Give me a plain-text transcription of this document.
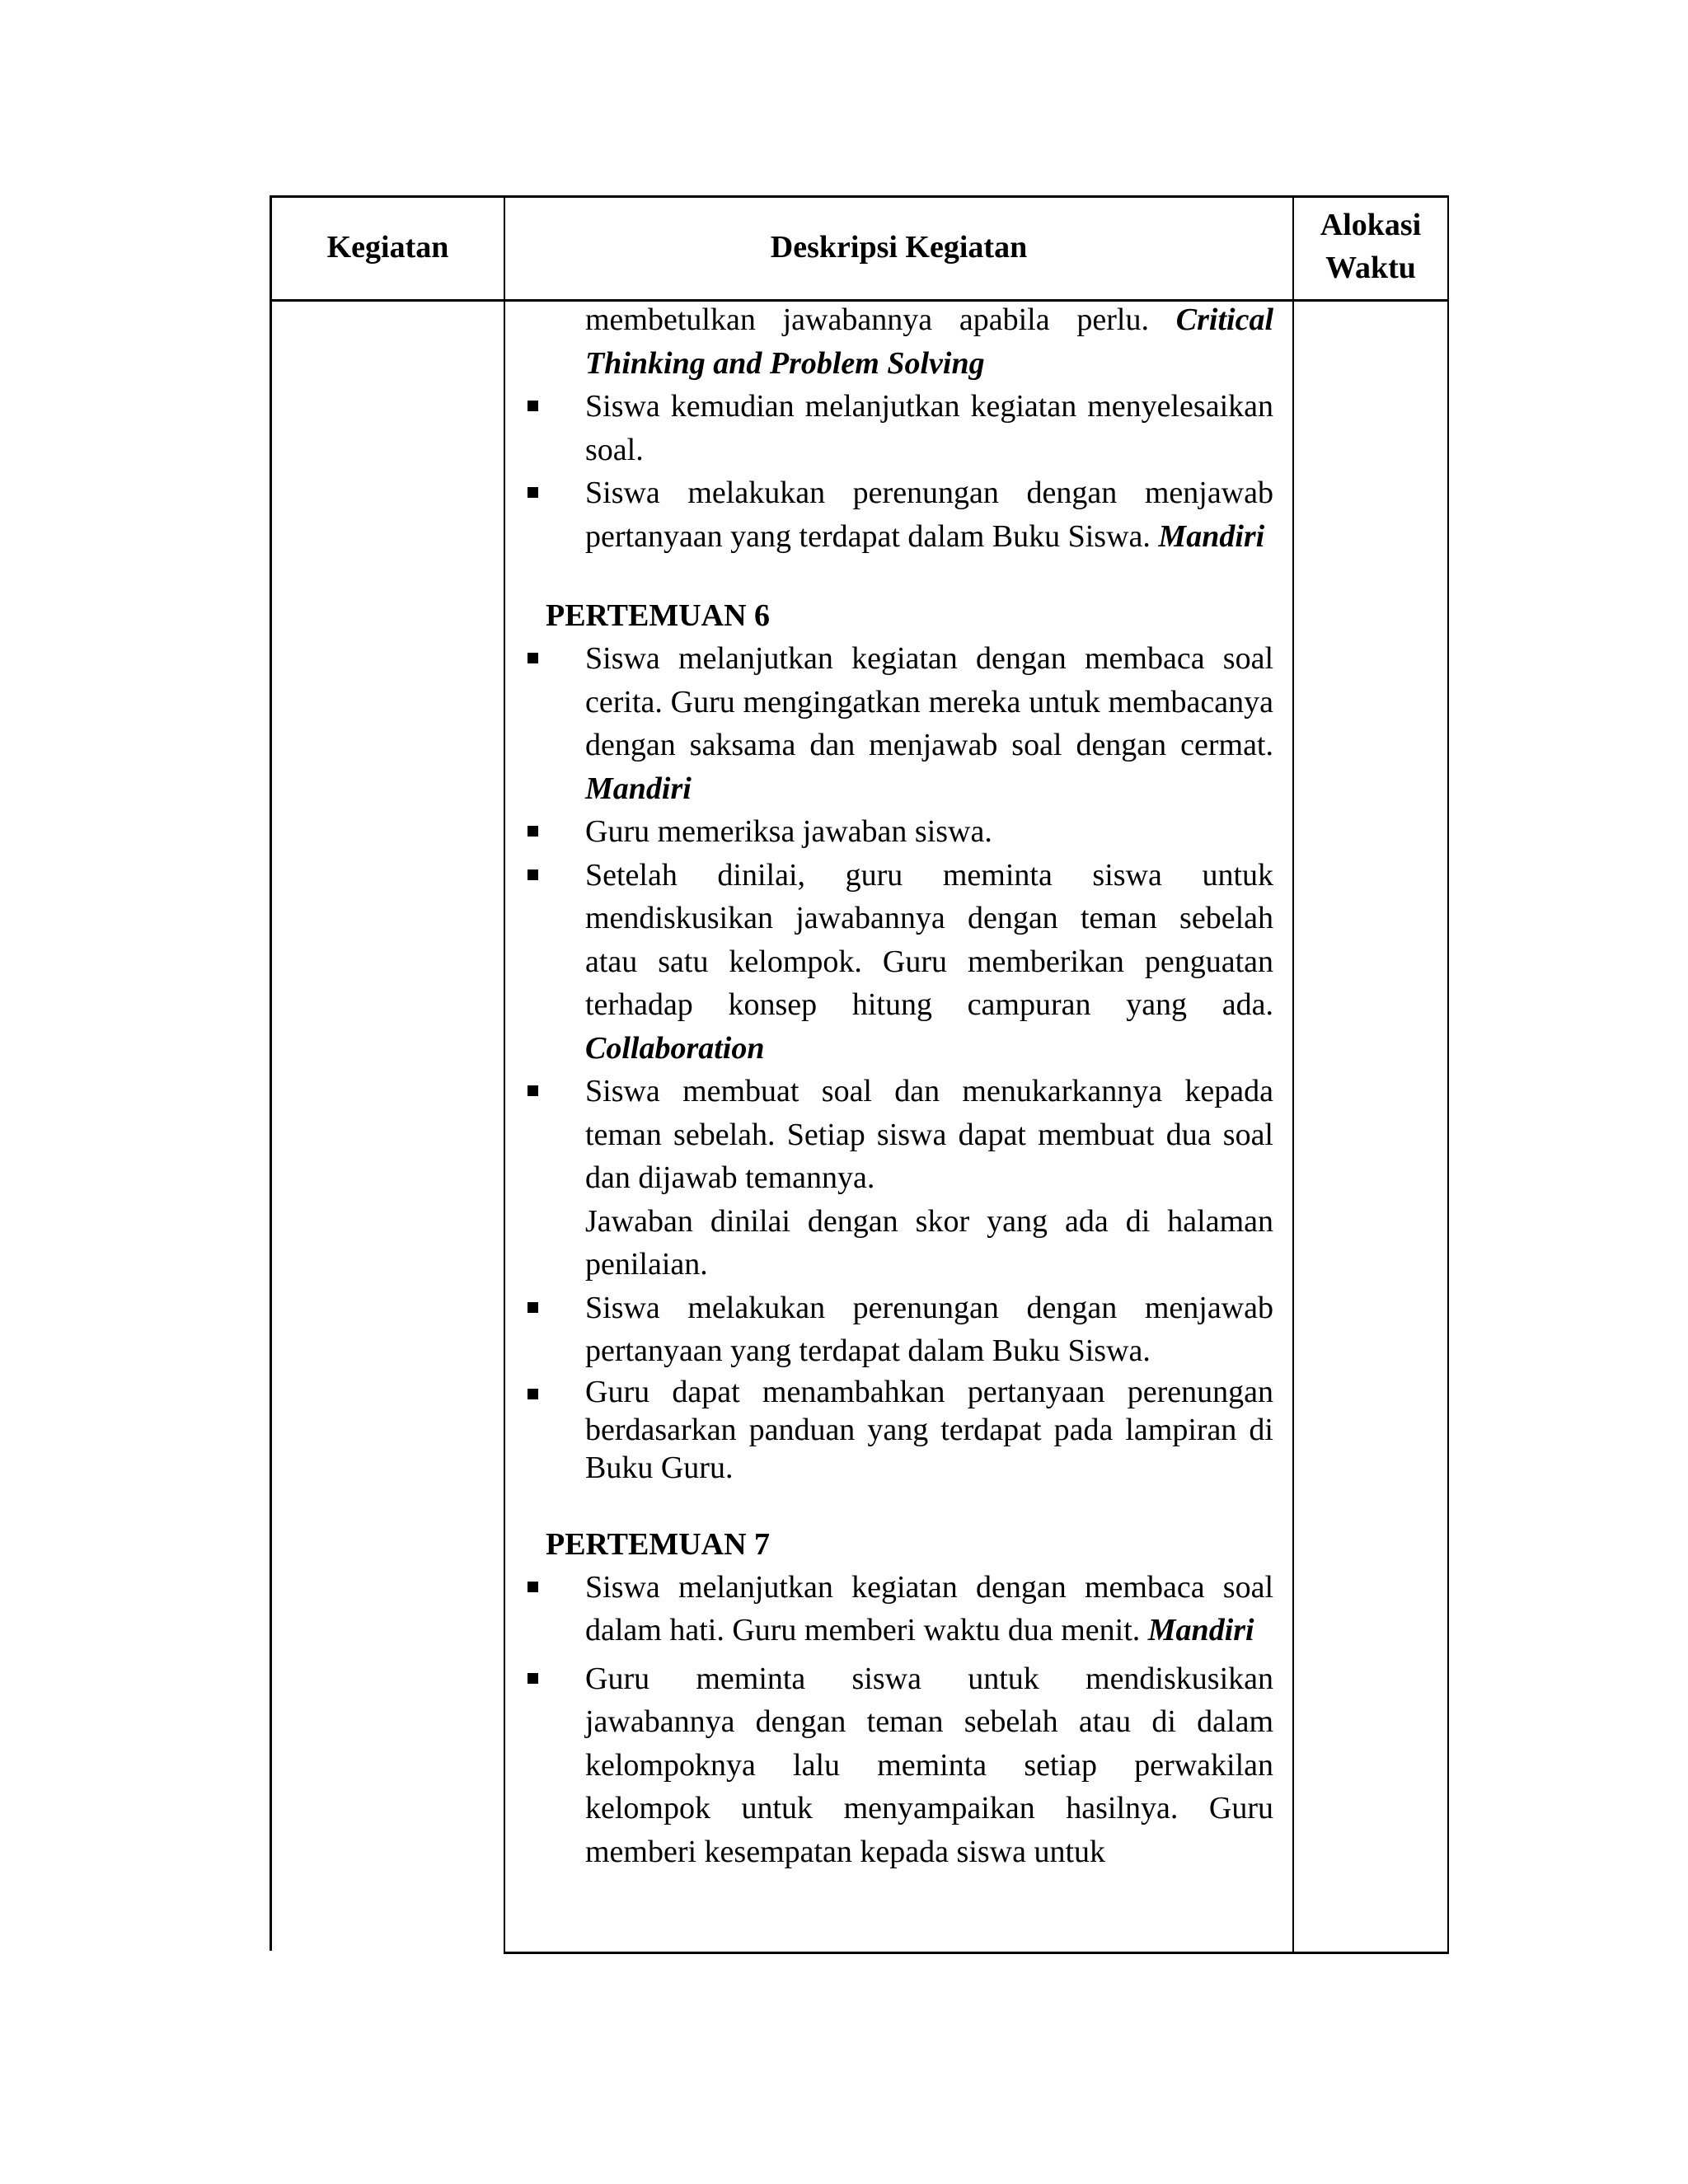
Kegiatan	Deskripsi Kegiatan
Alokasi
Waktu
membetulkan jawabannya apabila perlu. Critical Thinking and Problem Solving
Siswa kemudian melanjutkan kegiatan menyelesaikan soal.
Siswa melakukan perenungan dengan menjawab pertanyaan yang terdapat dalam Buku Siswa. Mandiri
PERTEMUAN 6
Siswa melanjutkan kegiatan dengan membaca soal cerita. Guru mengingatkan mereka untuk membacanya dengan saksama dan menjawab soal dengan cermat. Mandiri
Guru memeriksa jawaban siswa.
Setelah dinilai, guru meminta siswa untuk mendiskusikan jawabannya dengan teman sebelah atau satu kelompok. Guru memberikan penguatan terhadap konsep hitung campuran yang ada. Collaboration
Siswa membuat soal dan menukarkannya kepada teman sebelah. Setiap siswa dapat membuat dua soal dan dijawab temannya.
Jawaban dinilai dengan skor yang ada di halaman penilaian.
Siswa melakukan perenungan dengan menjawab pertanyaan yang terdapat dalam Buku Siswa.
Guru dapat menambahkan pertanyaan perenungan berdasarkan panduan yang terdapat pada lampiran di Buku Guru.
PERTEMUAN 7
Siswa melanjutkan kegiatan dengan membaca soal dalam hati. Guru memberi waktu dua menit. Mandiri
Guru meminta siswa untuk mendiskusikan jawabannya dengan teman sebelah atau di dalam kelompoknya lalu meminta setiap perwakilan kelompok untuk menyampaikan hasilnya. Guru memberi kesempatan kepada siswa untuk
